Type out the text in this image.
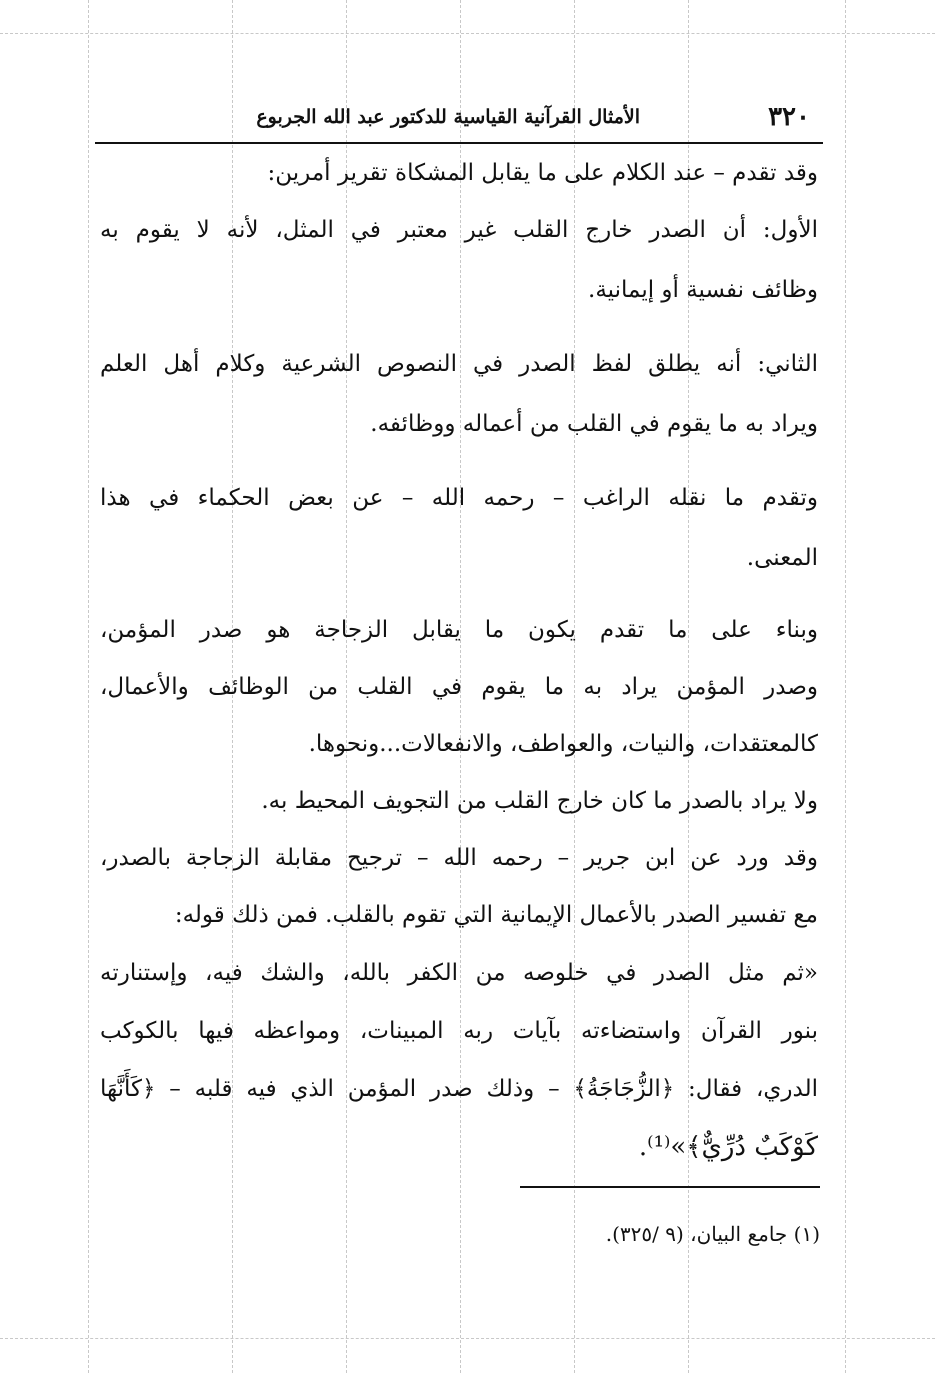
٣٢٠
الأمثال القرآنية القياسية للدكتور عبد الله الجربوع

وقد تقدم – عند الكلام على ما يقابل المشكاة تقرير أمرين:

الأول: أن الصدر خارج القلب غير معتبر في المثل، لأنه لا يقوم به
وظائف نفسية أو إيمانية.

الثاني: أنه يطلق لفظ الصدر في النصوص الشرعية وكلام أهل العلم
ويراد به ما يقوم في القلب من أعماله ووظائفه.

وتقدم ما نقله الراغب – رحمه الله – عن بعض الحكماء في هذا
المعنى.

وبناء على ما تقدم يكون ما يقابل الزجاجة هو صدر المؤمن،
وصدر المؤمن يراد به ما يقوم في القلب من الوظائف والأعمال،
كالمعتقدات، والنيات، والعواطف، والانفعالات...ونحوها.

ولا يراد بالصدر ما كان خارج القلب من التجويف المحيط به.

وقد ورد عن ابن جرير – رحمه الله – ترجيح مقابلة الزجاجة بالصدر،
مع تفسير الصدر بالأعمال الإيمانية التي تقوم بالقلب. فمن ذلك قوله:

«ثم مثل الصدر في خلوصه من الكفر بالله، والشك فيه، وإستنارته
بنور القرآن واستضاءته بآيات ربه المبينات، ومواعظه فيها بالكوكب
الدري، فقال: ﴿الزُّجَاجَةُ﴾ – وذلك صدر المؤمن الذي فيه قلبه – ﴿كَأَنَّهَا
كَوْكَبٌ دُرِّيٌّ﴾»⁽¹⁾.

(١) جامع البيان، (٩ /٣٢٥).
